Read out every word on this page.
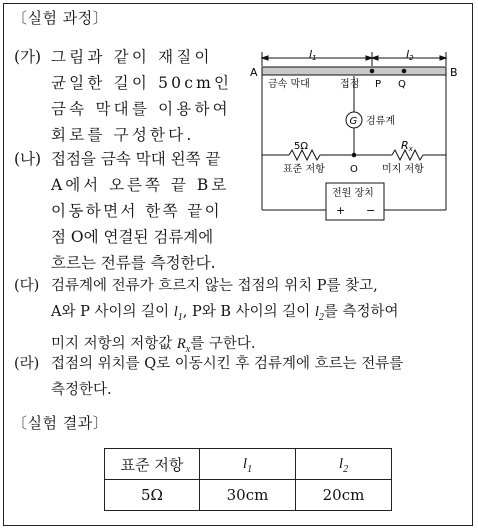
〔실험 과정〕
(가) 그림과 같이 재질이
균일한 길이 50cm인
금속 막대를 이용하여
회로를 구성한다.
(나) 접점을 금속 막대 왼쪽 끝
A에서 오른쪽 끝 B로
이동하면서 한쪽 끝이
점 O에 연결된 검류계에
흐르는 전류를 측정한다.
(다) 검류계에 전류가 흐르지 않는 접점의 위치 P를 찾고,
A와 P 사이의 길이 $l_1$, P와 B 사이의 길이 $l_2$를 측정하여
미지 저항의 저항값 $R_x$를 구한다.
(라) 접점의 위치를 Q로 이동시킨 후 검류계에 흐르는 전류를
측정한다.
〔실험 결과〕
l1	l2
A	B
금속 막대	접점 P Q
G 검류계
5Ω
표준 저항	O
Rx
미지 저항
전원 장치
+ −
표준 저항	$l_1$	$l_2$
5Ω	30cm	20cm
